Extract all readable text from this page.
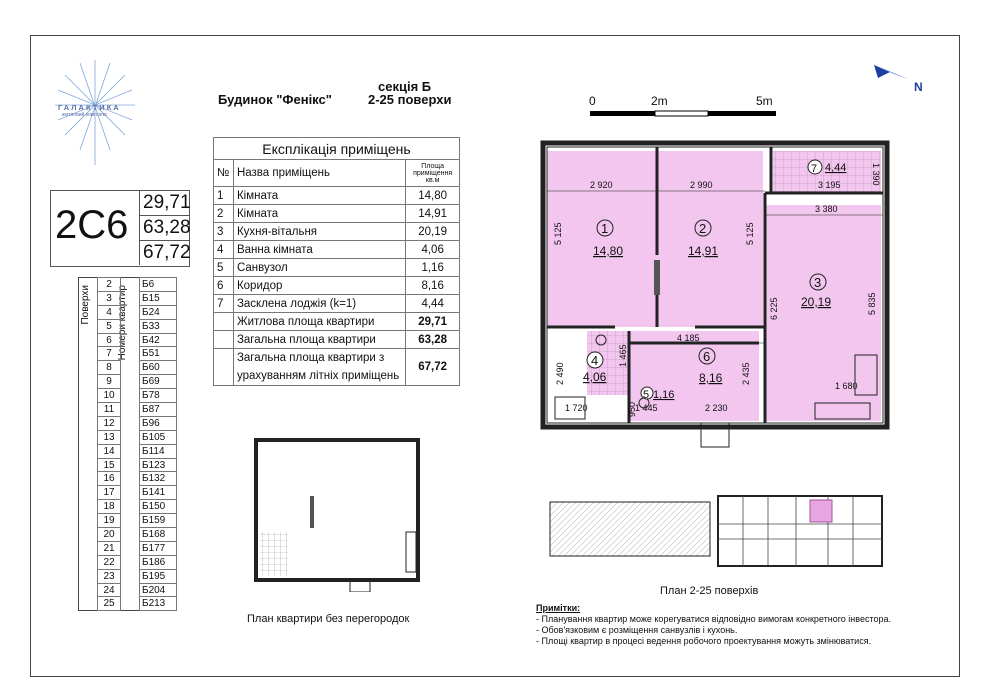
ГАЛАКТИКА
житловий комплекс
Будинок "Фенікс"
секція Б
2-25 поверхи	0	2m	5m
N
2С6
29,71
63,28
67,72
Експлікація приміщень		
№	Назва приміщень	Площа приміщення кв.м
1	Кімната	14,80
2	Кімната	14,91
3	Кухня-вітальня	20,19
4	Ванна кімната	4,06
5	Санвузол	1,16
6	Коридор	8,16
7	Засклена лоджія (k=1)	4,44
	Житлова площа квартири	29,71
	Загальна площа квартири	63,28
	Загальна площа квартири з урахуванням літніх приміщень	67,72
Поверхи	Номери квартир
	2		Б6
	3		Б15
	4		Б24
	5		Б33
	6		Б42
	7		Б51
	8		Б60
	9		Б69
	10		Б78
	11		Б87
	12		Б96
	13		Б105
	14		Б114
	15		Б123
	16		Б132
	17		Б141
	18		Б150
	19		Б159
	20		Б168
	21		Б177
	22		Б186
	23		Б195
	24		Б204
	25		Б213
1
14,80
2
14,91
3
20,19
4
4,06
5 1,16
6
8,16
7 4,44
2 920	2 990	3 195	1 390
3 380
5 125	5 125
6 225	5 835
4 185
1 465
2 490	2 435
1 680
1 720	950
1 445	2 230
План квартири без перегородок
План 2-25 поверхів
Примітки:
- Планування квартир може корегуватися відповідно вимогам конкретного інвестора.
- Обов'язковим є розміщення санвузлів і кухонь.
- Площі квартир в процесі ведення робочого проектування можуть змінюватися.
